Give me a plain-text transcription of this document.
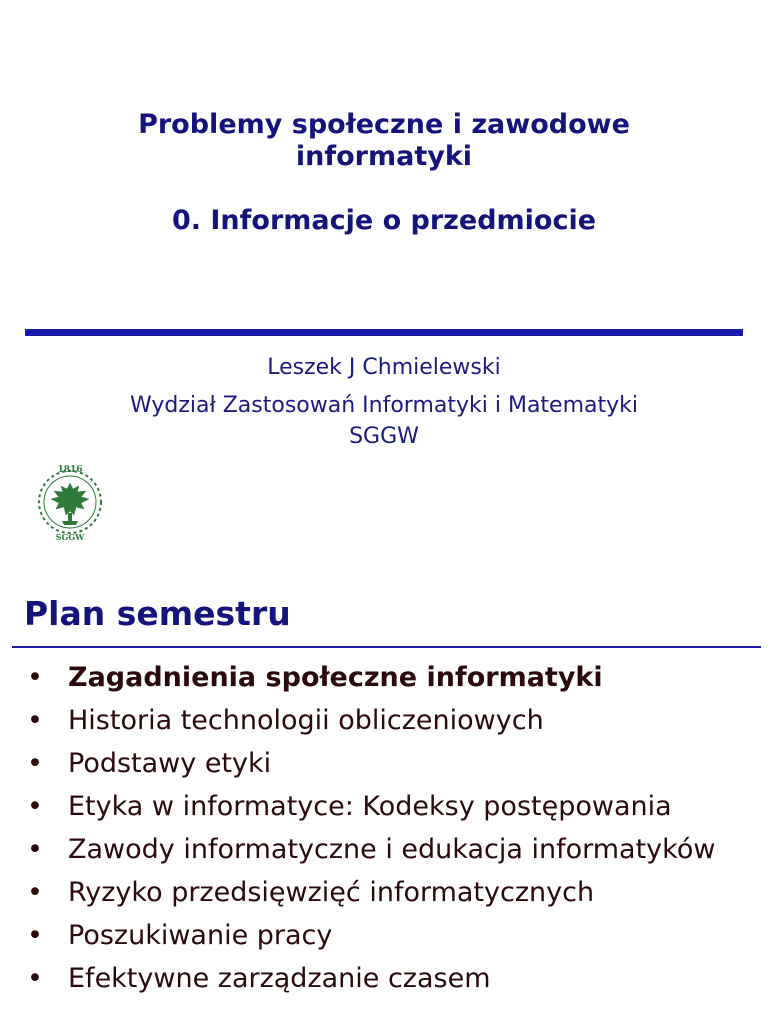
Problemy społeczne i zawodowe
informatyki
0. Informacje o przedmiocie
Leszek J Chmielewski
Wydział Zastosowań Informatyki i Matematyki
SGGW
1816
SGGW
Plan semestru
• Zagadnienia społeczne informatyki
• Historia technologii obliczeniowych
• Podstawy etyki
• Etyka w informatyce: Kodeksy postępowania
• Zawody informatyczne i edukacja informatyków
• Ryzyko przedsięwzięć informatycznych
• Poszukiwanie pracy
• Efektywne zarządzanie czasem
